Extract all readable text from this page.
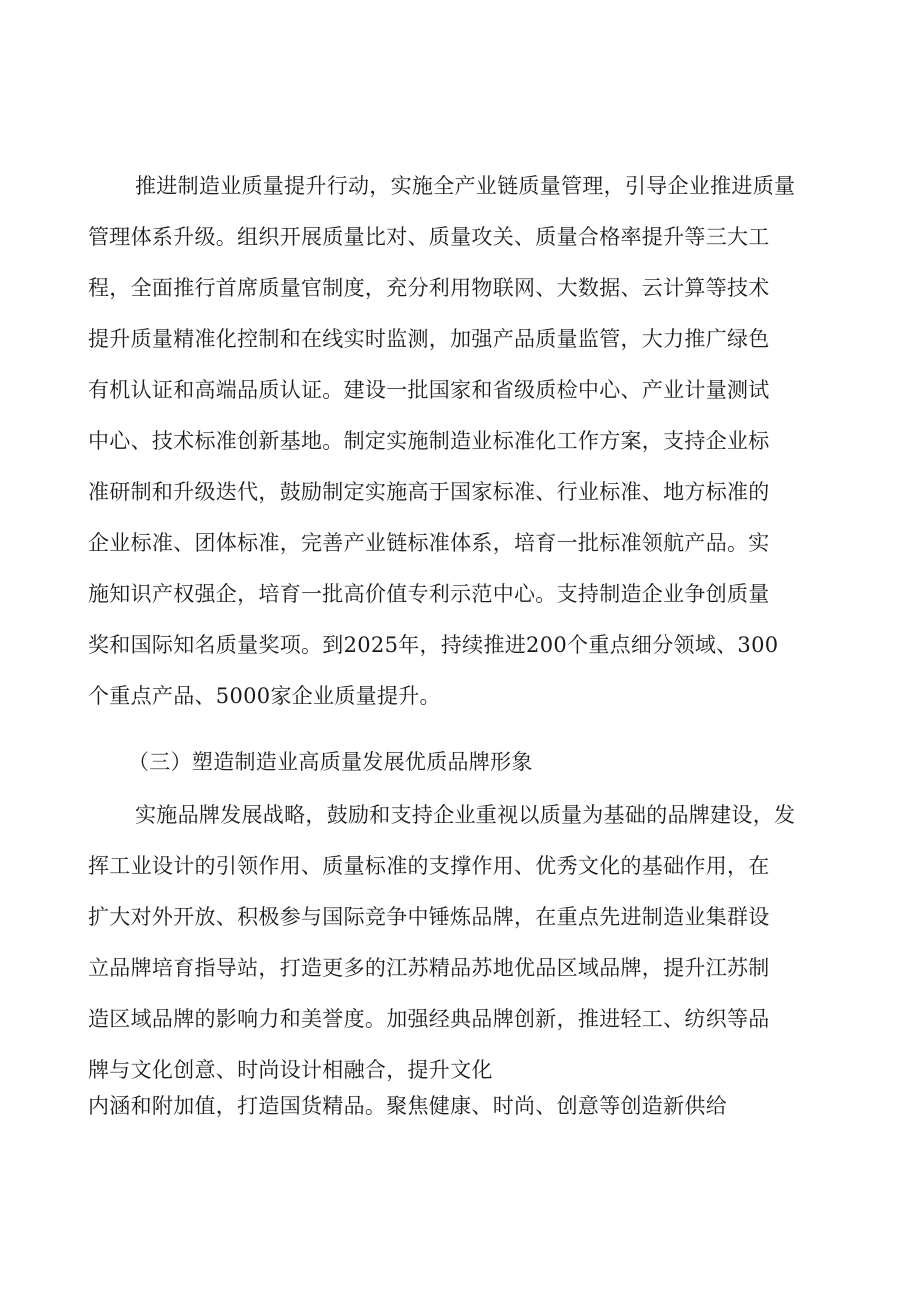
推进制造业质量提升行动，实施全产业链质量管理，引导企业推进质量
管理体系升级。组织开展质量比对、质量攻关、质量合格率提升等三大工
程，全面推行首席质量官制度，充分利用物联网、大数据、云计算等技术
提升质量精准化控制和在线实时监测，加强产品质量监管，大力推广绿色
有机认证和高端品质认证。建设一批国家和省级质检中心、产业计量测试
中心、技术标准创新基地。制定实施制造业标准化工作方案，支持企业标
准研制和升级迭代，鼓励制定实施高于国家标准、行业标准、地方标准的
企业标准、团体标准，完善产业链标准体系，培育一批标准领航产品。实
施知识产权强企，培育一批高价值专利示范中心。支持制造企业争创质量
奖和国际知名质量奖项。到2025年，持续推进200个重点细分领域、300
个重点产品、5000家企业质量提升。
（三）塑造制造业高质量发展优质品牌形象
实施品牌发展战略，鼓励和支持企业重视以质量为基础的品牌建设，发
挥工业设计的引领作用、质量标准的支撑作用、优秀文化的基础作用，在
扩大对外开放、积极参与国际竞争中锤炼品牌，在重点先进制造业集群设
立品牌培育指导站，打造更多的江苏精品苏地优品区域品牌，提升江苏制
造区域品牌的影响力和美誉度。加强经典品牌创新，推进轻工、纺织等品
牌与文化创意、时尚设计相融合，提升文化
内涵和附加值，打造国货精品。聚焦健康、时尚、创意等创造新供给
